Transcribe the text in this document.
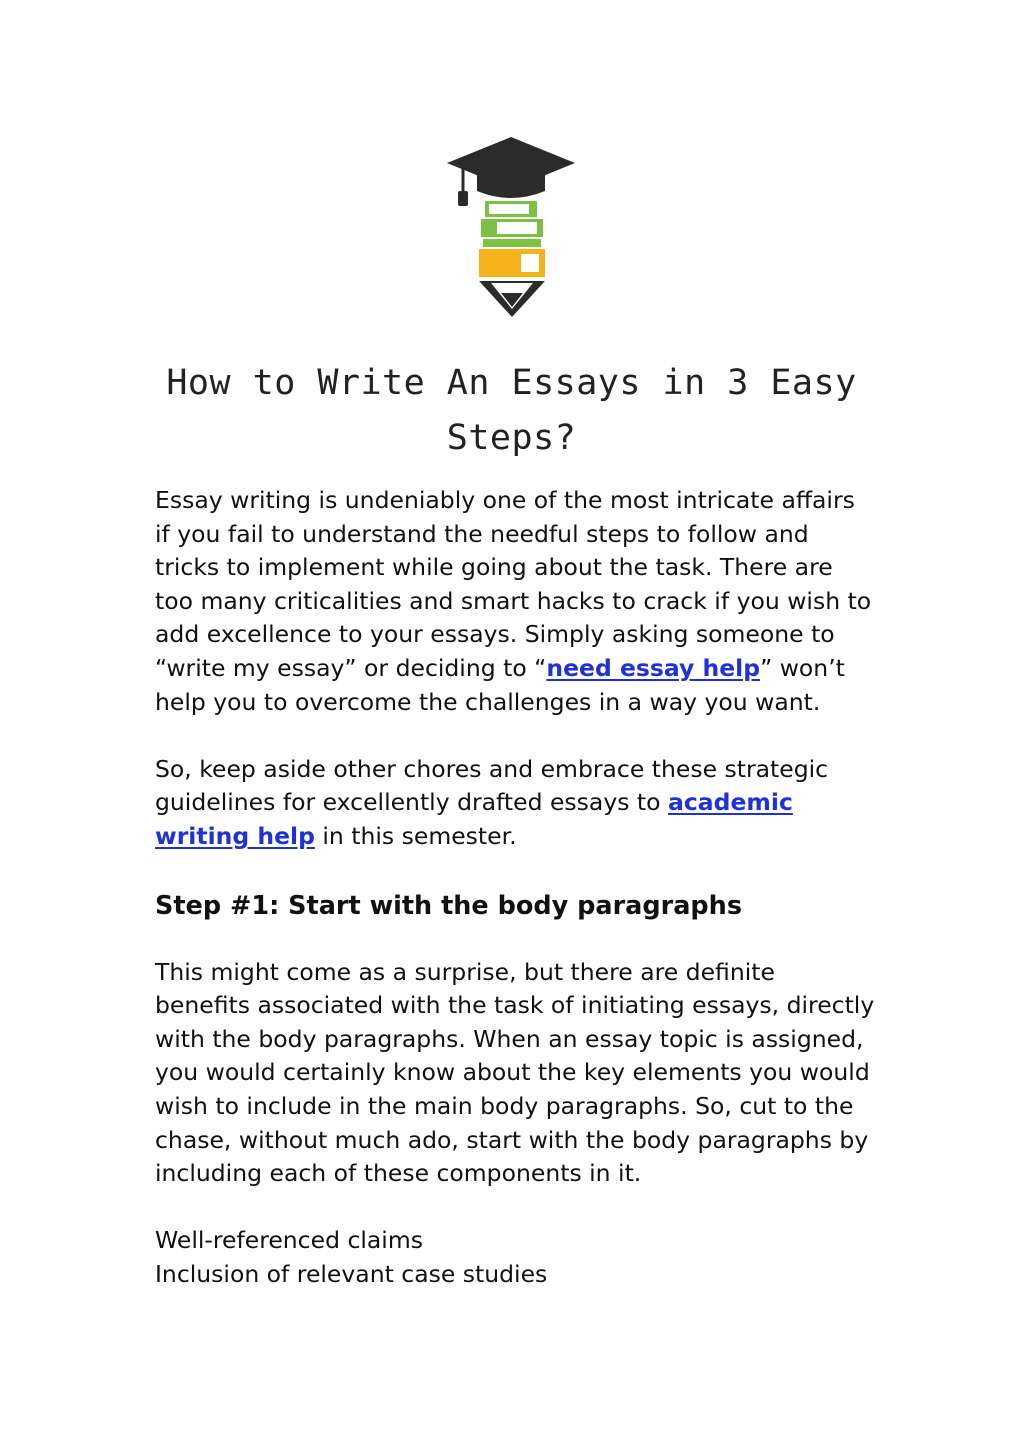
How to Write An Essays in 3 Easy Steps?

Essay writing is undeniably one of the most intricate affairs if you fail to understand the needful steps to follow and tricks to implement while going about the task. There are too many criticalities and smart hacks to crack if you wish to add excellence to your essays. Simply asking someone to “write my essay” or deciding to “need essay help” won’t help you to overcome the challenges in a way you want.

So, keep aside other chores and embrace these strategic guidelines for excellently drafted essays to academic writing help in this semester.

Step #1: Start with the body paragraphs

This might come as a surprise, but there are definite benefits associated with the task of initiating essays, directly with the body paragraphs. When an essay topic is assigned, you would certainly know about the key elements you would wish to include in the main body paragraphs. So, cut to the chase, without much ado, start with the body paragraphs by including each of these components in it.

Well-referenced claims

Inclusion of relevant case studies
